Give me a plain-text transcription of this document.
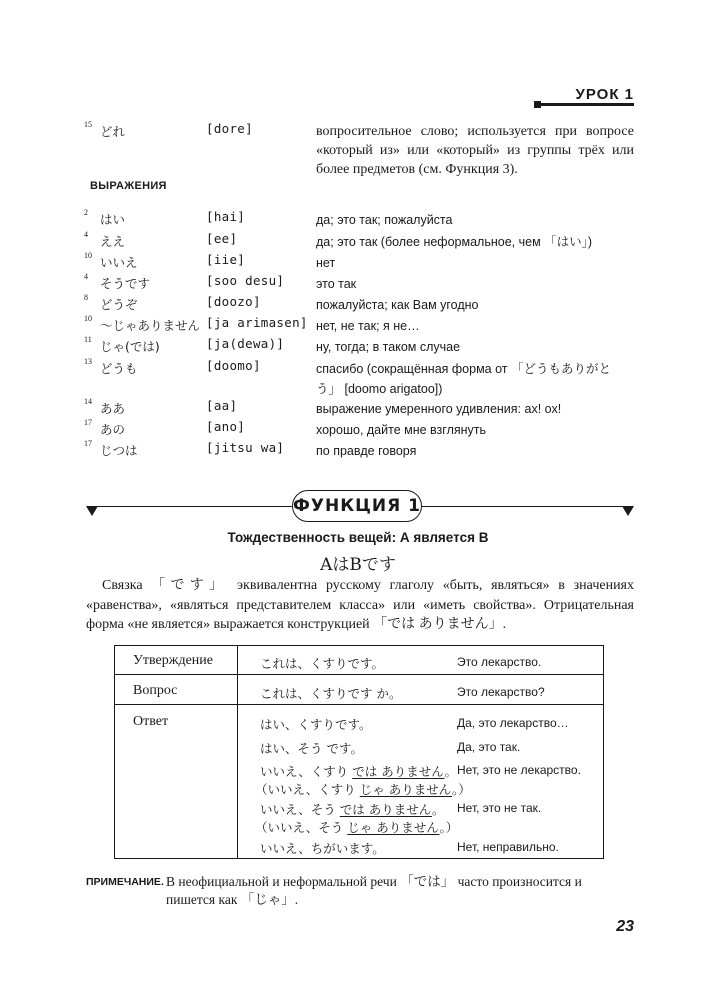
УРОК 1
15 どれ	[dore]	вопросительное слово; используется при вопросе «который из» или «который» из группы трёх или более предметов (см. Функция 3).
ВЫРАЖЕНИЯ
2 はい	[hai]	да; это так; пожалуйста
4 ええ	[ee]	да; это так (более неформальное, чем 「はい」)
10 いいえ	[iie]	нет
4 そうです	[soo desu]	это так
8 どうぞ	[doozo]	пожалуйста; как Вам угодно
10 ～じゃありません [ja arimasen] нет, не так; я не…
11 じゃ(では)	[ja(dewa)]	ну, тогда; в таком случае
13 どうも	[doomo]	спасибо (сокращённая форма от 「どうもありがとう」 [doomo arigatoo])
14 ああ	[aa]	выражение умеренного удивления: ах! ох!
17 あの	[ano]	хорошо, дайте мне взглянуть
17 じつは	[jitsu wa]	по правде говоря
ФУНКЦИЯ 1
Тождественность вещей: А является В
AはBです
Связка 「です」 эквивалентна русскому глаголу «быть, являться» в значениях «равенства», «являться представителем класса» или «иметь свойства». Отрицательная форма «не является» выражается конструкцией 「では ありません」.
Утверждение	これは、くすりです。	Это лекарство.
Вопрос	これは、くすりです か。	Это лекарство?
Ответ	はい、くすりです。	Да, это лекарство…
はい、そう です。	Да, это так.
いいえ、くすり では ありません。 Нет, это не лекарство.
（いいえ、くすり じゃ ありません。）
いいえ、そう では ありません。 Нет, это не так.
（いいえ、そう じゃ ありません。）
いいえ、ちがいます。	Нет, неправильно.
ПРИМЕЧАНИЕ. В неофициальной и неформальной речи 「では」 часто произносится и пишется как 「じゃ」.
23
